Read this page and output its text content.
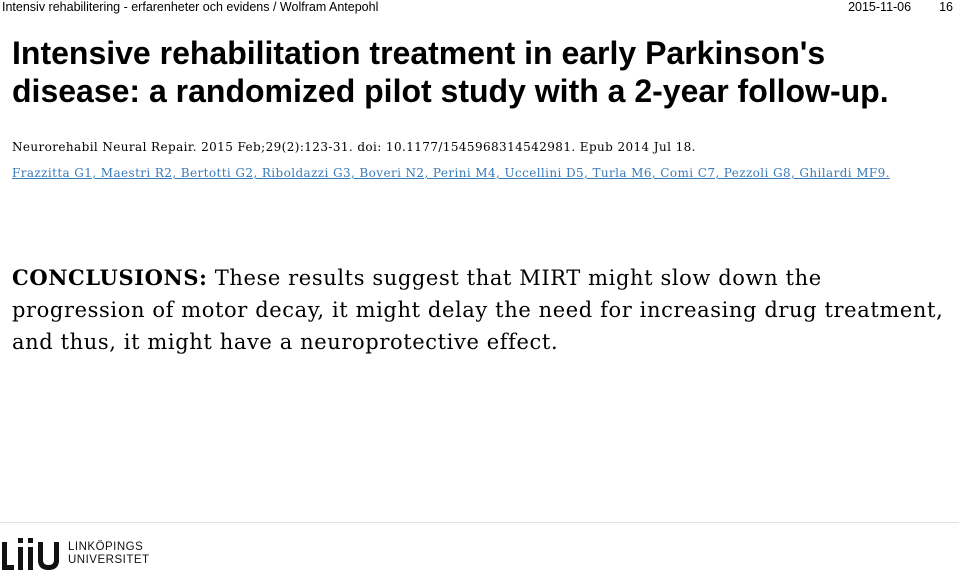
Intensiv rehabilitering - erfarenheter och evidens / Wolfram Antepohl	2015-11-06 16
Intensive rehabilitation treatment in early Parkinson's disease: a randomized pilot study with a 2-year follow-up.
Neurorehabil Neural Repair. 2015 Feb;29(2):123-31. doi: 10.1177/1545968314542981. Epub 2014 Jul 18.
Frazzitta G1, Maestri R2, Bertotti G2, Riboldazzi G3, Boveri N2, Perini M4, Uccellini D5, Turla M6, Comi C7, Pezzoli G8, Ghilardi MF9.

CONCLUSIONS: These results suggest that MIRT might slow down the progression of motor decay, it might delay the need for increasing drug treatment, and thus, it might have a neuroprotective effect.

LINKÖPINGS
UNIVERSITET
